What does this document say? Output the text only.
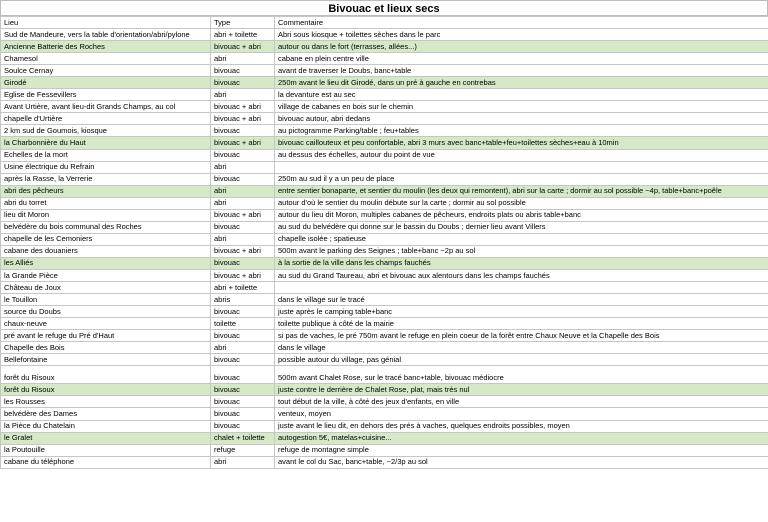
Bivouac et lieux secs
Lieu	Type	Commentaire
Sud de Mandeure, vers la table d'orientation/abri/pylone	abri + toilette	Abri sous kiosque + toilettes sèches dans le parc
Ancienne Batterie des Roches	bivouac + abri	autour ou dans le fort (terrasses, allées...)
Chamesol	abri	cabane en plein centre ville
Soulce Cernay	bivouac	avant de traverser le Doubs, banc+table
Girodé	bivouac	250m avant le lieu dit Girodé, dans un pré à gauche en contrebas
Eglise de Fessevillers	abri	la devanture est au sec
Avant Urtière, avant lieu-dit Grands Champs, au col	bivouac + abri	village de cabanes en bois sur le chemin
chapelle d'Urtière	bivouac + abri	bivouac autour, abri dedans
2 km sud de Goumois, kiosque	bivouac	au pictogramme Parking/table ; feu+tables
la Charbonnière du Haut	bivouac + abri	bivouac caillouteux et peu confortable, abri 3 murs avec banc+table+feu+toilettes sèches+eau à 10min
Echelles de la mort	bivouac	au dessus des échelles, autour du point de vue
Usine électrique du Refrain	abri	
après la Rasse, la Verrerie	bivouac	250m au sud il y a un peu de place
abri des pêcheurs	abri	entre sentier bonaparte, et sentier du moulin (les deux qui remontent), abri sur la carte ; dormir au sol possible ~4p, table+banc+poêle
abri du torret	abri	autour d'où le sentier du moulin débute sur la carte ; dormir au sol possible
lieu dit Moron	bivouac + abri	autour du lieu dit Moron, multiples cabanes de pêcheurs, endroits plats ou abris table+banc
belvédère du bois communal des Roches	bivouac	au sud du belvédère qui donne sur le bassin du Doubs ; dernier lieu avant Villers
chapelle de les Cemoniers	abri	chapelle isolée ; spatieuse
cabane des douaniers	bivouac + abri	500m avant le parking des Seignes ; table+banc ~2p au sol
les Alliés	bivouac	à la sortie de la ville dans les champs fauchés
la Grande Pièce	bivouac + abri	au sud du Grand Taureau, abri et bivouac aux alentours dans les champs fauchés
Château de Joux	abri + toilette	
le Touillon	abris	dans le village sur le tracé
source du Doubs	bivouac	juste après le camping table+banc
chaux-neuve	toilette	toilette publique à côté de la mairie
pré avant le refuge du Pré d'Haut	bivouac	si pas de vaches, le pré 750m avant le refuge en plein coeur de la forêt entre Chaux Neuve et la Chapelle des Bois
Chapelle des Bois	abri	dans le village
Bellefontaine	bivouac	possible autour du village, pas génial
forêt du Risoux	bivouac	500m avant Chalet Rose, sur le tracé banc+table, bivouac médiocre
forêt du Risoux	bivouac	juste contre le derrière de Chalet Rose, plat, mais très nul
les Rousses	bivouac	tout début de la ville, à côté des jeux d'enfants, en ville
belvédère des Dames	bivouac	venteux, moyen
la Pièce du Chatelain	bivouac	juste avant le lieu dit, en dehors des prés à vaches, quelques endroits possibles, moyen
le Gralet	chalet + toilette	autogestion 5€, matelas+cuisine...
la Poutouille	refuge	refuge de montagne simple
cabane du téléphone	abri	avant le col du Sac, banc+table, ~2/3p au sol
